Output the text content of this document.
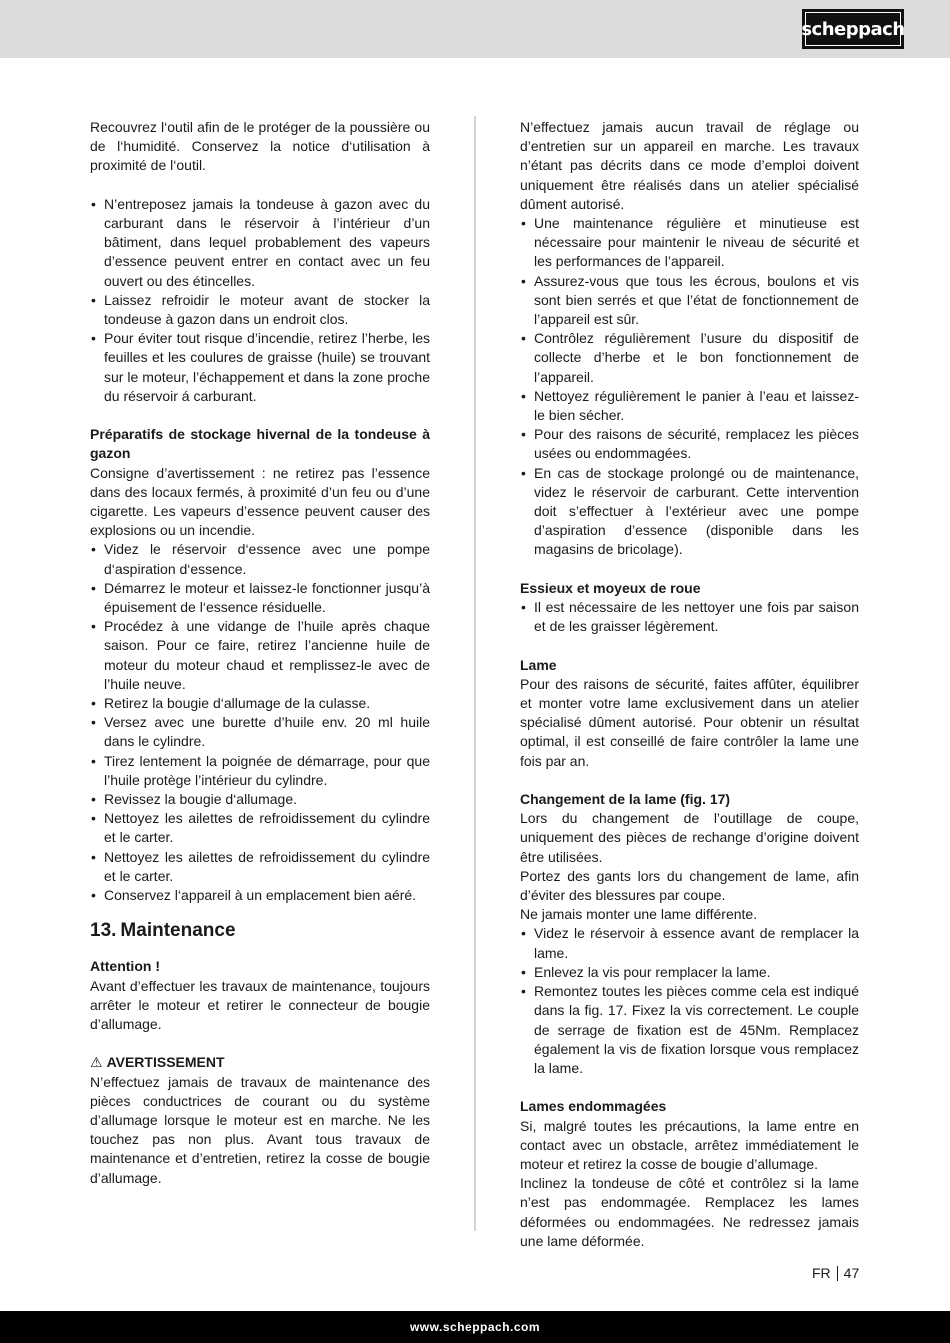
scheppach

Recouvrez l‘outil afin de le protéger de la poussière ou de l‘humidité. Conservez la notice d‘utilisation à proximité de l‘outil.

• N’entreposez jamais la tondeuse à gazon avec du carburant dans le réservoir à l’intérieur d’un bâtiment, dans lequel probablement des vapeurs d’essence peuvent entrer en contact avec un feu ouvert ou des étincelles.
• Laissez refroidir le moteur avant de stocker la tondeuse à gazon dans un endroit clos.
• Pour éviter tout risque d’incendie, retirez l’herbe, les feuilles et les coulures de graisse (huile) se trouvant sur le moteur, l’échappement et dans la zone proche du réservoir á carburant.

Préparatifs de stockage hivernal de la tondeuse à gazon

Consigne d’avertissement : ne retirez pas l’essence dans des locaux fermés, à proximité d’un feu ou d’une cigarette. Les vapeurs d’essence peuvent causer des explosions ou un incendie.

• Videz le réservoir d‘essence avec une pompe d‘aspiration d‘essence.
• Démarrez le moteur et laissez-le fonctionner jusqu’à épuisement de l‘essence résiduelle.
• Procédez à une vidange de l’huile après chaque saison. Pour ce faire, retirez l’ancienne huile de moteur du moteur chaud et remplissez-le avec de l’huile neuve.
• Retirez la bougie d‘allumage de la culasse.
• Versez avec une burette d’huile env. 20 ml huile dans le cylindre.
• Tirez lentement la poignée de démarrage, pour que l’huile protège l’intérieur du cylindre.
• Revissez la bougie d‘allumage.
• Nettoyez les ailettes de refroidissement du cylindre et le carter.
• Nettoyez les ailettes de refroidissement du cylindre et le carter.
• Conservez l‘appareil à un emplacement bien aéré.

13. Maintenance

Attention !

Avant d’effectuer les travaux de maintenance, toujours arrêter le moteur et retirer le connecteur de bougie d’allumage.

⚠ AVERTISSEMENT

N’effectuez jamais de travaux de maintenance des pièces conductrices de courant ou du système d’allumage lorsque le moteur est en marche. Ne les touchez pas non plus. Avant tous travaux de maintenance et d’entretien, retirez la cosse de bougie d’allumage.

N’effectuez jamais aucun travail de réglage ou d’entretien sur un appareil en marche. Les travaux n’étant pas décrits dans ce mode d’emploi doivent uniquement être réalisés dans un atelier spécialisé dûment autorisé.

• Une maintenance régulière et minutieuse est nécessaire pour maintenir le niveau de sécurité et les performances de l’appareil.
• Assurez-vous que tous les écrous, boulons et vis sont bien serrés et que l’état de fonctionnement de l’appareil est sûr.
• Contrôlez régulièrement l’usure du dispositif de collecte d’herbe et le bon fonctionnement de l’appareil.
• Nettoyez régulièrement le panier à l’eau et laissez-le bien sécher.
• Pour des raisons de sécurité, remplacez les pièces usées ou endommagées.
• En cas de stockage prolongé ou de maintenance, videz le réservoir de carburant. Cette intervention doit s’effectuer à l’extérieur avec une pompe d’aspiration d’essence (disponible dans les magasins de bricolage).

Essieux et moyeux de roue

• Il est nécessaire de les nettoyer une fois par saison et de les graisser légèrement.

Lame

Pour des raisons de sécurité, faites affûter, équilibrer et monter votre lame exclusivement dans un atelier spécialisé dûment autorisé. Pour obtenir un résultat optimal, il est conseillé de faire contrôler la lame une fois par an.

Changement de la lame (fig. 17)

Lors du changement de l’outillage de coupe, uniquement des pièces de rechange d’origine doivent être utilisées.

Portez des gants lors du changement de lame, afin d’éviter des blessures par coupe.

Ne jamais monter une lame différente.

• Videz le réservoir à essence avant de remplacer la lame.
• Enlevez la vis pour remplacer la lame.
• Remontez toutes les pièces comme cela est indiqué dans la fig. 17. Fixez la vis correctement. Le couple de serrage de fixation est de 45Nm. Remplacez également la vis de fixation lorsque vous remplacez la lame.

Lames endommagées

Si, malgré toutes les précautions, la lame entre en contact avec un obstacle, arrêtez immédiatement le moteur et retirez la cosse de bougie d’allumage.

Inclinez la tondeuse de côté et contrôlez si la lame n’est pas endommagée. Remplacez les lames déformées ou endommagées. Ne redressez jamais une lame déformée.

FR 47
www.scheppach.com
